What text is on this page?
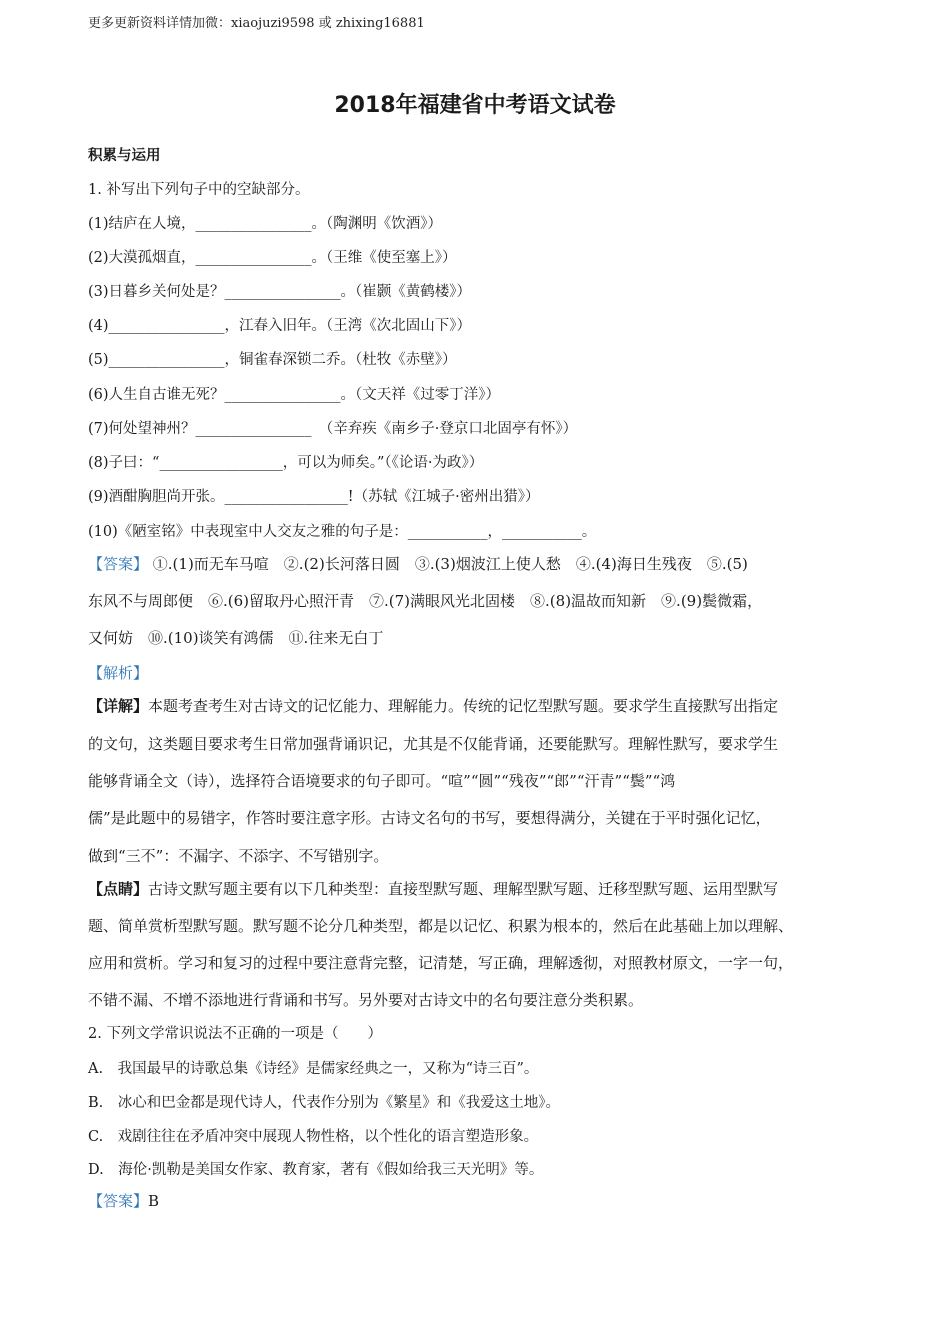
更多更新资料详情加微：xiaojuzi9598 或 zhixing16881
2018年福建省中考语文试卷
积累与运用
1. 补写出下列句子中的空缺部分。
(1)结庐在人境，________________。（陶渊明《饮酒》）
(2)大漠孤烟直，________________。（王维《使至塞上》）
(3)日暮乡关何处是？________________。（崔颢《黄鹤楼》）
(4)________________，江春入旧年。（王湾《次北固山下》）
(5)________________，铜雀春深锁二乔。（杜牧《赤壁》）
(6)人生自古谁无死？________________。（文天祥《过零丁洋》）
(7)何处望神州？________________　（辛弃疾《南乡子·登京口北固亭有怀》）
(8)子曰：“_________________，可以为师矣。”（《论语·为政》）
(9)酒酣胸胆尚开张。_________________!（苏轼《江城子·密州出猎》）
(10)《陋室铭》中表现室中人交友之雅的句子是：___________，___________。
【答案】 ①.(1)而无车马喧　②.(2)长河落日圆　③.(3)烟波江上使人愁　④.(4)海日生残夜　⑤.(5)
东风不与周郎便　⑥.(6)留取丹心照汗青　⑦.(7)满眼风光北固楼　⑧.(8)温故而知新　⑨.(9)鬓微霜，
又何妨　⑩.(10)谈笑有鸿儒　⑪.往来无白丁
【解析】
【详解】本题考查考生对古诗文的记忆能力、理解能力。传统的记忆型默写题。要求学生直接默写出指定
的文句，这类题目要求考生日常加强背诵识记，尤其是不仅能背诵，还要能默写。理解性默写，要求学生
能够背诵全文（诗），选择符合语境要求的句子即可。“喧”“圆”“残夜”“郎”“汗青”“鬓”“鸿
儒”是此题中的易错字，作答时要注意字形。古诗文名句的书写，要想得满分，关键在于平时强化记忆，
做到“三不”：不漏字、不添字、不写错别字。
【点睛】古诗文默写题主要有以下几种类型：直接型默写题、理解型默写题、迁移型默写题、运用型默写
题、简单赏析型默写题。默写题不论分几种类型，都是以记忆、积累为根本的，然后在此基础上加以理解、
应用和赏析。学习和复习的过程中要注意背完整，记清楚，写正确，理解透彻，对照教材原文，一字一句，
不错不漏、不增不添地进行背诵和书写。另外要对古诗文中的名句要注意分类积累。
2. 下列文学常识说法不正确的一项是（　　）
A.　我国最早的诗歌总集《诗经》是儒家经典之一，又称为“诗三百”。
B.　冰心和巴金都是现代诗人，代表作分别为《繁星》和《我爱这土地》。
C.　戏剧往往在矛盾冲突中展现人物性格，以个性化的语言塑造形象。
D.　海伦·凯勒是美国女作家、教育家，著有《假如给我三天光明》等。
【答案】B
